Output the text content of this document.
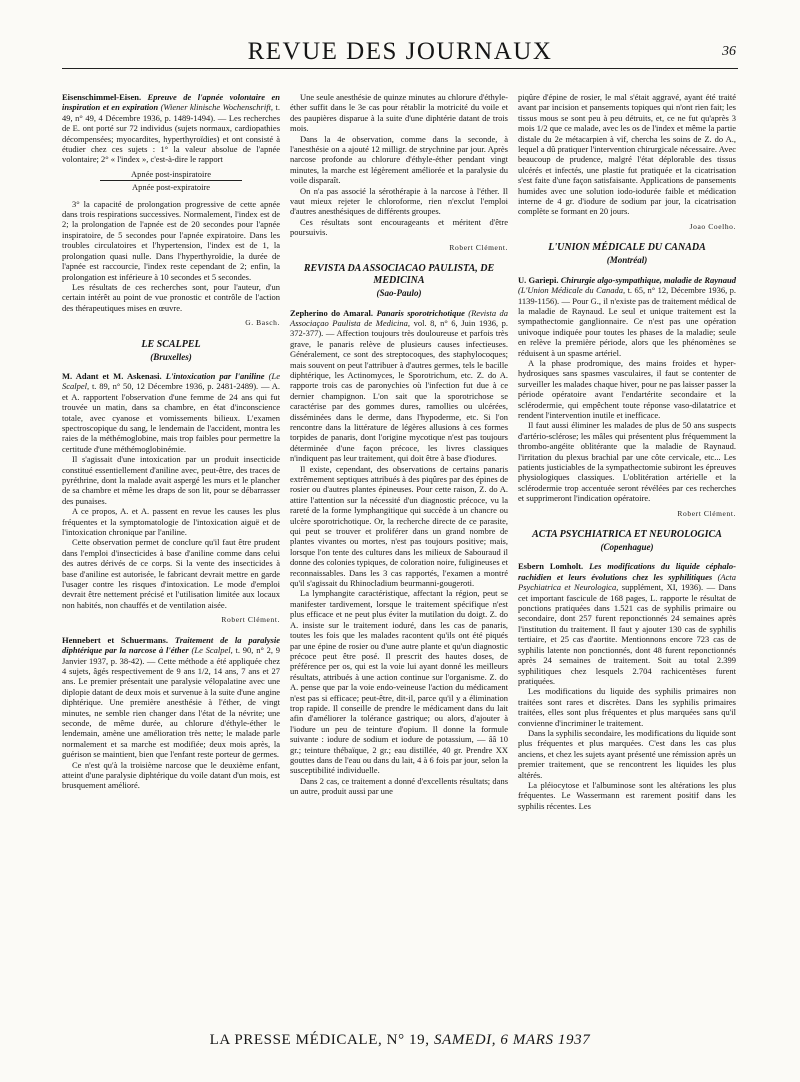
REVUE DES JOURNAUX	36

Eisenschimmel-Eisen. Epreuve de l'apnée volontaire en inspiration et en expiration (Wiener klinische Wochenschrift, t. 49, n° 49, 4 Décembre 1936, p. 1489-1494). — Les recherches de E. ont porté sur 72 individus (sujets normaux, cardiopathies décompensées; myocardites, hyperthyroïdies) et ont consisté à étudier chez ces sujets : 1° la valeur absolue de l'apnée volontaire; 2° « l'index », c'est-à-dire le rapport

Apnée post-inspiratoire
Apnée post-expiratoire

3° la capacité de prolongation progressive de cette apnée dans trois respirations successives. Normalement, l'index est de 2; la prolongation de l'apnée est de 20 secondes pour l'apnée inspiratoire, de 5 secondes pour l'apnée expiratoire. Dans les troubles circulatoires et l'hypertension, l'index est de 1, la prolongation quasi nulle. Dans l'hyperthyroïdie, la durée de l'apnée est raccourcie, l'index reste cependant de 2; enfin, la prolongation est inférieure à 10 secondes et 5 secondes.

Les résultats de ces recherches sont, pour l'auteur, d'un certain intérêt au point de vue pronostic et contrôle de l'action des thérapeutiques mises en œuvre.

G. Basch.

LE SCALPEL

(Bruxelles)

M. Adant et M. Askenasi. L'intoxication par l'aniline (Le Scalpel, t. 89, n° 50, 12 Décembre 1936, p. 2481-2489). — A. et A. rapportent l'observation d'une femme de 24 ans qui fut trouvée un matin, dans sa chambre, en état d'inconscience totale, avec cyanose et vomissements bilieux. L'examen spectroscopique du sang, le lendemain de l'accident, montra les raies de la méthémoglobine, mais trop faibles pour permettre la certitude d'une méthémoglobinémie.

Il s'agissait d'une intoxication par un produit insecticide constitué essentiellement d'aniline avec, peut-être, des traces de pyréthrine, dont la malade avait aspergé les murs et le plancher de sa chambre et même les draps de son lit, pour se débarrasser des punaises.

A ce propos, A. et A. passent en revue les causes les plus fréquentes et la symptomatologie de l'intoxication aiguë et de l'intoxication chronique par l'aniline.

Cette observation permet de conclure qu'il faut être prudent dans l'emploi d'insecticides à base d'aniline comme dans celui des autres dérivés de ce corps. Si la vente des insecticides à base d'aniline est autorisée, le fabricant devrait mettre en garde l'usager contre les risques d'intoxication. Le mode d'emploi devrait être nettement précisé et l'utilisation limitée aux locaux non habités, non chauffés et de ventilation aisée.

Robert Clément.

Hennebert et Schuermans. Traitement de la paralysie diphtérique par la narcose à l'éther (Le Scalpel, t. 90, n° 2, 9 Janvier 1937, p. 38-42). — Cette méthode a été appliquée chez 4 sujets, âgés respectivement de 9 ans 1/2, 14 ans, 7 ans et 27 ans. Le premier présentait une paralysie vélopalatine avec une diplopie datant de deux mois et survenue à la suite d'une angine diphtérique. Une première anesthésie à l'éther, de vingt minutes, ne semble rien changer dans l'état de la névrite; une seconde, de même durée, au chlorure d'éthyle-éther le lendemain, amène une amélioration très nette; le malade parle normalement et sa marche est modifiée; deux mois après, la guérison se maintient, bien que l'enfant reste porteur de germes.

Ce n'est qu'à la troisième narcose que le deuxième enfant, atteint d'une paralysie diphtérique du voile datant d'un mois, est brusquement amélioré.

Une seule anesthésie de quinze minutes au chlorure d'éthyle-éther suffit dans le 3e cas pour rétablir la motricité du voile et des paupières disparue à la suite d'une diphtérie datant de trois mois.

Dans la 4e observation, comme dans la seconde, à l'anesthésie on a ajouté 12 milligr. de strychnine par jour. Après narcose profonde au chlorure d'éthyle-éther pendant vingt minutes, la marche est légèrement améliorée et la paralysie du voile disparaît.

On n'a pas associé la sérothérapie à la narcose à l'éther. Il vaut mieux rejeter le chloroforme, rien n'exclut l'emploi d'autres anesthésiques de différents groupes.

Ces résultats sont encourageants et méritent d'être poursuivis.

Robert Clément.

REVISTA DA ASSOCIACAO PAULISTA, DE MEDICINA

(Sao-Paulo)

Zepherino do Amaral. Panaris sporotrichotique (Revista da Associaçao Paulista de Medicina, vol. 8, n° 6, Juin 1936, p. 372-377). — Affection toujours très douloureuse et parfois très grave, le panaris relève de plusieurs causes infectieuses. Généralement, ce sont des streptocoques, des staphylocoques; mais souvent on peut l'attribuer à d'autres germes, tels le bacille diphtérique, les Actinomyces, le Sporotrichum, etc. Z. do A. rapporte trois cas de paronychies où l'infection fut due à ce dernier champignon. L'on sait que la sporotrichose se caractérise par des gommes dures, ramollies ou ulcérées, disséminées dans le derme, dans l'hypoderme, etc. Si l'on rencontre dans la littérature de légères allusions à ces formes torpides de panaris, dont l'origine mycotique n'est pas toujours déterminée d'une façon précoce, les livres classiques n'indiquent pas leur traitement, qui doit être à base d'iodures.

Il existe, cependant, des observations de certains panaris extrêmement septiques attribués à des piqûres par des épines de rosier ou d'autres plantes épineuses. Pour cette raison, Z. do A. attire l'attention sur la nécessité d'un diagnostic précoce, vu la rareté de la forme lymphangitique qui succède à un chancre ou ulcère sporotrichotique. Or, la recherche directe de ce parasite, qui peut se trouver et proliférer dans un grand nombre de plantes vivantes ou mortes, n'est pas toujours positive; mais, lorsque l'on tente des cultures dans les milieux de Sabouraud il donne des colonies typiques, de coloration noire, fuligineuses et reconnaissables. Dans les 3 cas rapportés, l'examen a montré qu'il s'agissait du Rhinocladium beurmanni-gougeroti.

La lymphangite caractéristique, affectant la région, peut se manifester tardivement, lorsque le traitement spécifique n'est plus efficace et ne peut plus éviter la mutilation du doigt. Z. do A. insiste sur le traitement ioduré, dans les cas de panaris, toutes les fois que les malades racontent qu'ils ont été piqués par une épine de rosier ou d'une autre plante et qu'un diagnostic précoce peut être posé. Il prescrit des hautes doses, de préférence per os, qui est la voie lui ayant donné les meilleurs résultats, attribués à une action continue sur l'organisme. Z. do A. pense que par la voie endo-veineuse l'action du médicament n'est pas si efficace; peut-être, dit-il, parce qu'il y a élimination trop rapide. Il conseille de prendre le médicament dans du lait afin d'améliorer la tolérance gastrique; ou alors, d'ajouter à l'iodure un peu de teinture d'opium. Il donne la formule suivante : iodure de sodium et iodure de potassium, — ââ 10 gr.; teinture thébaïque, 2 gr.; eau distillée, 40 gr. Prendre XX gouttes dans de l'eau ou dans du lait, 4 à 6 fois par jour, selon la susceptibilité individuelle.

Dans 2 cas, ce traitement a donné d'excellents résultats; dans un autre, produit aussi par une

piqûre d'épine de rosier, le mal s'était aggravé, ayant été traité avant par incision et pansements topiques qui n'ont rien fait; les tissus mous se sont peu à peu détruits, et, ce ne fut qu'après 3 mois 1/2 que ce malade, avec les os de l'index et même la partie distale du 2e métacarpien à vif, chercha les soins de Z. do A., lequel a dû pratiquer l'intervention chirurgicale nécessaire. Avec beaucoup de prudence, malgré l'état déplorable des tissus ulcérés et infectés, une plastie fut pratiquée et la cicatrisation s'est faite d'une façon satisfaisante. Applications de pansements humides avec une solution iodo-iodurée faible et médication interne de 4 gr. d'iodure de sodium par jour, la cicatrisation complète se formant en 20 jours.

Joao Coelho.

L'UNION MÉDICALE DU CANADA

(Montréal)

U. Gariepi. Chirurgie algo-sympathique, maladie de Raynaud (L'Union Médicale du Canada, t. 65, n° 12, Décembre 1936, p. 1139-1156). — Pour G., il n'existe pas de traitement médical de la maladie de Raynaud. Le seul et unique traitement est la sympathectomie ganglionnaire. Ce n'est pas une opération univoque indiquée pour toutes les phases de la maladie; seule en relève la première période, alors que les phénomènes se réduisent à un spasme artériel.

A la phase prodromique, des mains froides et hyper-hydrosiques sans spasmes vasculaires, il faut se contenter de surveiller les malades chaque hiver, pour ne pas laisser passer la période opératoire avant l'endartérite secondaire et la sclérodermie, qui empêchent toute réponse vaso-dilatatrice et rendent l'intervention inutile et inefficace.

Il faut aussi éliminer les malades de plus de 50 ans suspects d'artério-sclérose; les mâles qui présentent plus fréquemment la thrombo-angéite oblitérante que la maladie de Raynaud. l'irritation du plexus brachial par une côte cervicale, etc... Les patients justiciables de la sympathectomie subiront les épreuves physiologiques classiques. L'oblitération artérielle et la sclérodermie trop accentuée seront révélées par ces recherches et supprimeront l'indication opératoire.

Robert Clément.

ACTA PSYCHIATRICA ET NEUROLOGICA

(Copenhague)

Esbern Lomholt. Les modifications du liquide céphalo-rachidien et leurs évolutions chez les syphilitiques (Acta Psychiatrica et Neurologica, supplément, XI, 1936). — Dans cet important fascicule de 168 pages, L. rapporte le résultat de ponctions pratiquées dans 1.521 cas de syphilis primaire ou secondaire, dont 257 furent reponctionnés 24 semaines après l'institution du traitement. Il faut y ajouter 130 cas de syphilis tertiaire, et 25 cas d'aortite. Mentionnons encore 723 cas de syphilis latente non ponctionnés, dont 48 furent reponctionnés après 24 semaines de traitement. Soit au total 2.399 syphilitiques chez lesquels 2.704 rachicentèses furent pratiquées.

Les modifications du liquide des syphilis primaires non traitées sont rares et discrètes. Dans les syphilis primaires traitées, elles sont plus fréquentes et plus marquées sans qu'il convienne d'incriminer le traitement.

Dans la syphilis secondaire, les modifications du liquide sont plus fréquentes et plus marquées. C'est dans les cas plus anciens, et chez les sujets ayant présenté une rémission après un premier traitement, que se rencontrent les liquides les plus altérés.

La pléiocytose et l'albuminose sont les altérations les plus fréquentes. Le Wassermann est rarement positif dans les syphilis récentes. Les

LA PRESSE MÉDICALE, N° 19, SAMEDI, 6 MARS 1937
